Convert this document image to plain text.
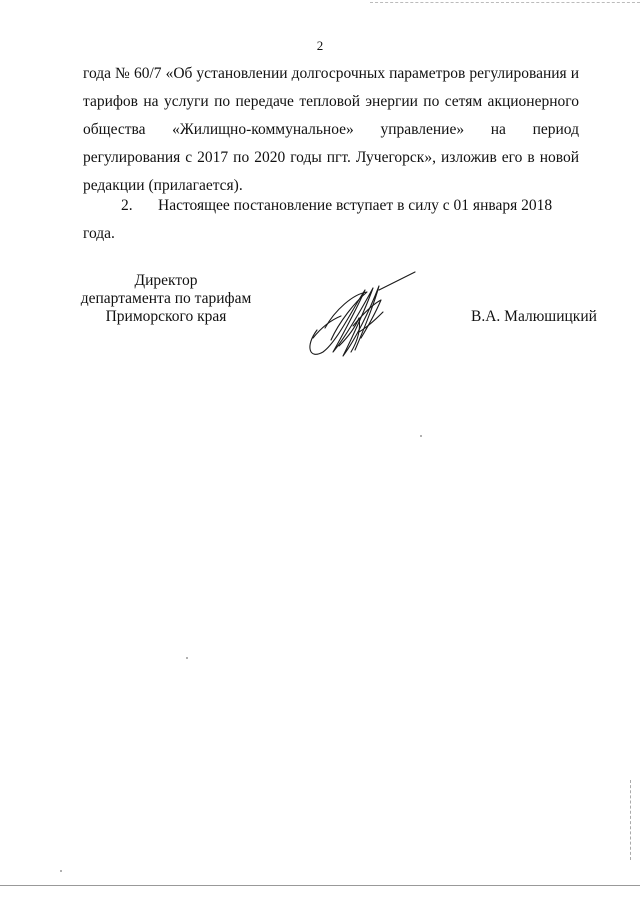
2
года № 60/7 «Об установлении долгосрочных параметров регулирования и тарифов на услуги по передаче тепловой энергии по сетям акционерного общества «Жилищно-коммунальное» управление» на период регулирования с 2017 по 2020 годы пгт. Лучегорск», изложив его в новой редакции (прилагается).
2. Настоящее постановление вступает в силу с 01 января 2018 года.
Директор
департамента по тарифам
Приморского края	В.А. Малюшицкий
